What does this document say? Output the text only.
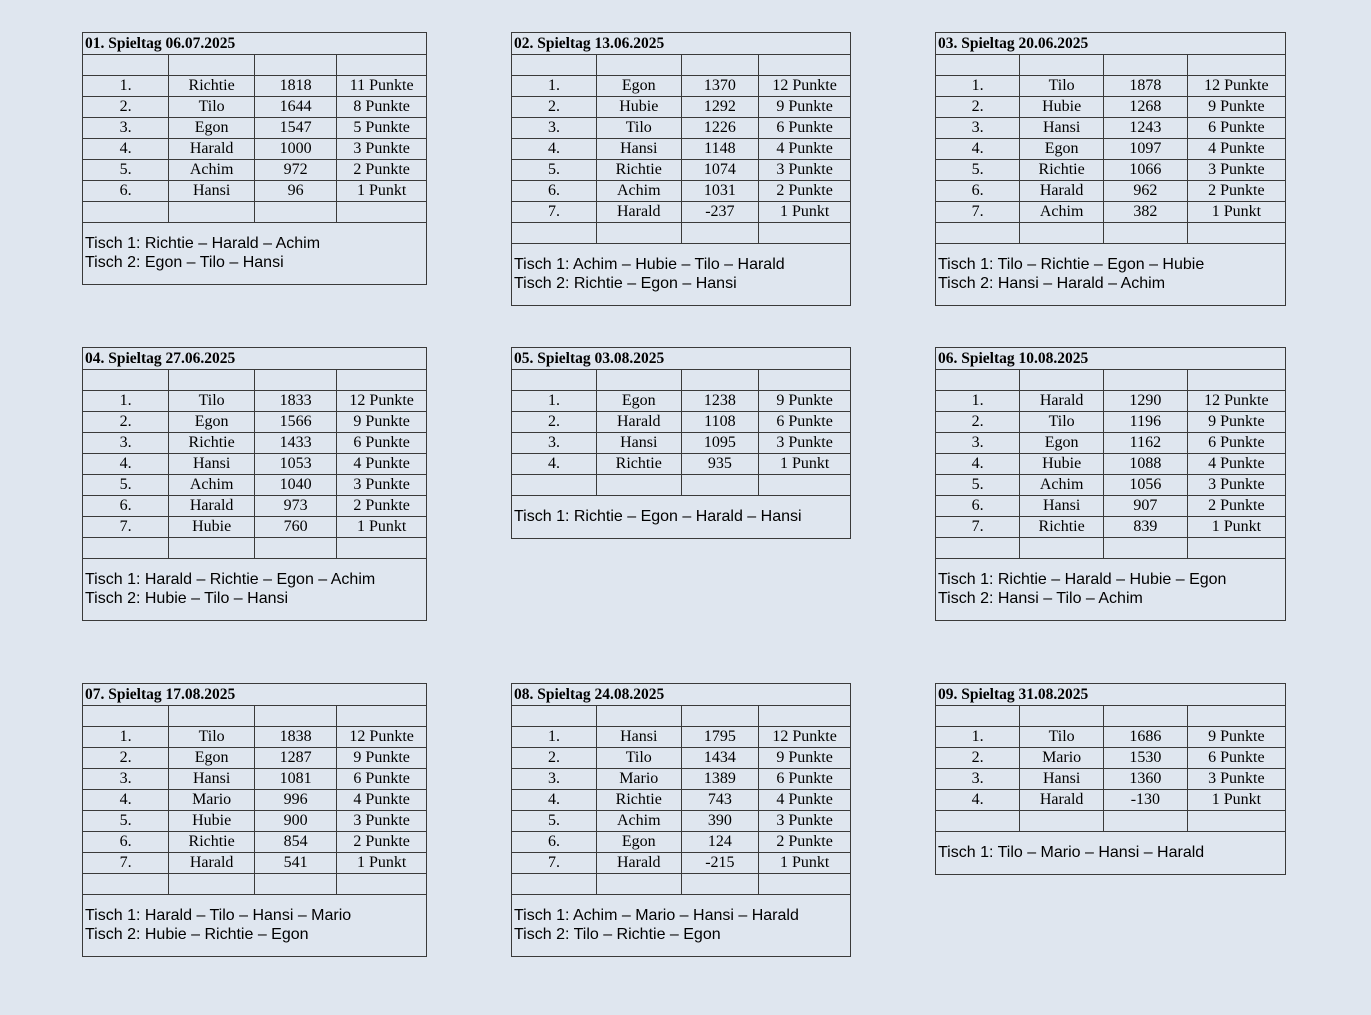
01. Spieltag 06.07.2025

1.	Richtie	1818	11 Punkte
2.	Tilo	1644	8 Punkte
3.	Egon	1547	5 Punkte
4.	Harald	1000	3 Punkte
5.	Achim	972	2 Punkte
6.	Hansi	96	1 Punkt

Tisch 1: Richtie – Harald – Achim
Tisch 2: Egon – Tilo – Hansi
02. Spieltag 13.06.2025

1.	Egon	1370	12 Punkte
2.	Hubie	1292	9 Punkte
3.	Tilo	1226	6 Punkte
4.	Hansi	1148	4 Punkte
5.	Richtie	1074	3 Punkte
6.	Achim	1031	2 Punkte
7.	Harald	-237	1 Punkt

Tisch 1: Achim – Hubie – Tilo – Harald
Tisch 2: Richtie – Egon – Hansi
03. Spieltag 20.06.2025

1.	Tilo	1878	12 Punkte
2.	Hubie	1268	9 Punkte
3.	Hansi	1243	6 Punkte
4.	Egon	1097	4 Punkte
5.	Richtie	1066	3 Punkte
6.	Harald	962	2 Punkte
7.	Achim	382	1 Punkt

Tisch 1: Tilo – Richtie – Egon – Hubie
Tisch 2: Hansi – Harald – Achim
04. Spieltag 27.06.2025

1.	Tilo	1833	12 Punkte
2.	Egon	1566	9 Punkte
3.	Richtie	1433	6 Punkte
4.	Hansi	1053	4 Punkte
5.	Achim	1040	3 Punkte
6.	Harald	973	2 Punkte
7.	Hubie	760	1 Punkt

Tisch 1: Harald – Richtie – Egon – Achim
Tisch 2: Hubie – Tilo – Hansi
05. Spieltag 03.08.2025

1.	Egon	1238	9 Punkte
2.	Harald	1108	6 Punkte
3.	Hansi	1095	3 Punkte
4.	Richtie	935	1 Punkt

Tisch 1: Richtie – Egon – Harald – Hansi
06. Spieltag 10.08.2025

1.	Harald	1290	12 Punkte
2.	Tilo	1196	9 Punkte
3.	Egon	1162	6 Punkte
4.	Hubie	1088	4 Punkte
5.	Achim	1056	3 Punkte
6.	Hansi	907	2 Punkte
7.	Richtie	839	1 Punkt

Tisch 1: Richtie – Harald – Hubie – Egon
Tisch 2: Hansi – Tilo – Achim
07. Spieltag 17.08.2025

1.	Tilo	1838	12 Punkte
2.	Egon	1287	9 Punkte
3.	Hansi	1081	6 Punkte
4.	Mario	996	4 Punkte
5.	Hubie	900	3 Punkte
6.	Richtie	854	2 Punkte
7.	Harald	541	1 Punkt

Tisch 1: Harald – Tilo – Hansi – Mario
Tisch 2: Hubie – Richtie – Egon
08. Spieltag 24.08.2025

1.	Hansi	1795	12 Punkte
2.	Tilo	1434	9 Punkte
3.	Mario	1389	6 Punkte
4.	Richtie	743	4 Punkte
5.	Achim	390	3 Punkte
6.	Egon	124	2 Punkte
7.	Harald	-215	1 Punkt

Tisch 1: Achim – Mario – Hansi – Harald
Tisch 2: Tilo – Richtie – Egon
09. Spieltag 31.08.2025

1.	Tilo	1686	9 Punkte
2.	Mario	1530	6 Punkte
3.	Hansi	1360	3 Punkte
4.	Harald	-130	1 Punkt

Tisch 1: Tilo – Mario – Hansi – Harald
